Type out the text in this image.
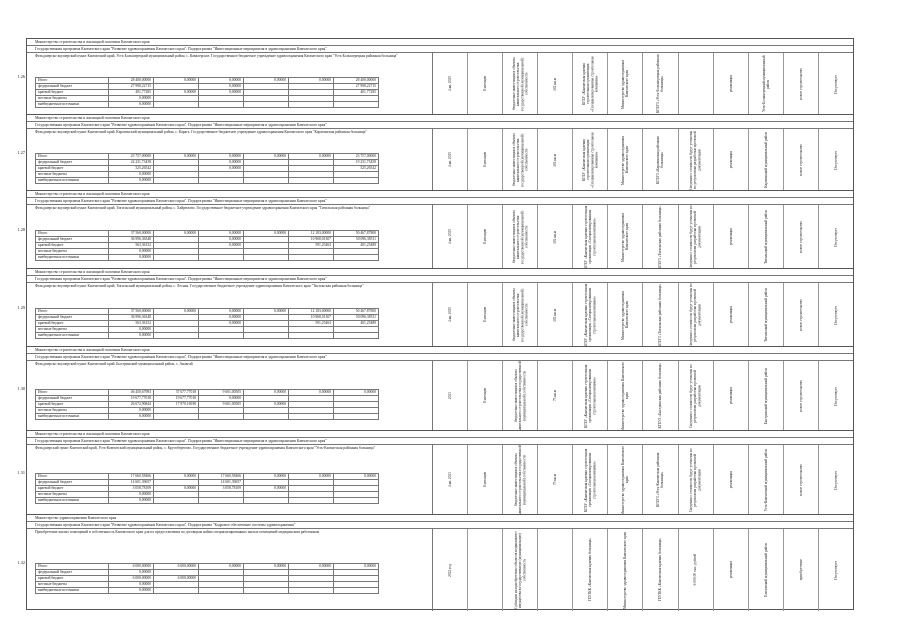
1.26
Министерство строительства и жилищной политики Камчатского края
Государственная программа Камчатского края "Развитие здравоохранения Камчатского края". Подпрограмма "Инвестиционные мероприятия в здравоохранении Камчатского края"
Фельдшерско-акушерский пункт Камчатский край, Усть-Большерецкий муниципальный район, с. Кавалерское. Государственное бюджетное учреждение здравоохранения Камчатского края "Усть-Большерецкая районная больница"
Итого	28 400,00000	0,00000	0,00000	0,00000	0,00000	28 400,00000
федеральный бюджет	27 998,22715		0,00000			27 998,22715
краевой бюджет	401,77285	0,00000	0,00000			401,77285
местные бюджеты	0,00000					
внебюджетные источники	0,00000					
4 кв. 2025	8 месяцев	бюджетные инвестиции в объекты капитального строительства государственной (муниципальной) собственности	102 кв.м	КГБУ «Камчатская краевая строительная организация «Специализированная строительная компания»	Министерство здравоохранения Камчатского края	КГБУЗ «Усть-Большерецкая районная больница»	реализация	Усть-Большерецкий муниципальный район	новое строительство	Отсутствует
1.27
Министерство строительства и жилищной политики Камчатского края
Государственная программа Камчатского края "Развитие здравоохранения Камчатского края". Подпрограмма "Инвестиционные мероприятия в здравоохранении Камчатского края"
Фельдшерско-акушерский пункт Камчатский край, Карагинский муниципальный район, с. Карага. Государственное бюджетное учреждение здравоохранения Камчатского края "Карагинская районная больница"
Итого	23 757,00000	0,00000	0,00000	0,00000	0,00000	23 757,00000
федеральный бюджет	24 231,73458		0,00000			19 231,73458
краевой бюджет	525,26542		0,00000			525,26542
местные бюджеты	0,00000					
внебюджетные источники	0,00000					
4 кв. 2025	8 месяцев	бюджетные инвестиции в объекты капитального строительства государственной (муниципальной) собственности	102 кв.м	КГБУ «Камчатская краевая строительная организация «Специализированная строительная компания»	Министерство здравоохранения Камчатского края	КГБУЗ «Карагинская районная больница»	Сведения о стоимости будут уточнены по результатам разработки проектной документации	реализация	Карагинский муниципальный район	новое строительство	Отсутствует
1.28
Министерство строительства и жилищной политики Камчатского края
Государственная программа Камчатского края "Развитие здравоохранения Камчатского края". Подпрограмма "Инвестиционные мероприятия в здравоохранении Камчатского края"
Фельдшерско-акушерский пункт Камчатский край, Тигильский муниципальный район, с. Хайрюзово. Государственное бюджетное учреждение здравоохранения Камчатского края "Тигильская районная больница"
Итого	37 560,00000	0,00000	0,00000	0,00000	12 183,00000	50 467,87800
федеральный бюджет	36 996,36348		0,00000		10 968,01307	50 096,38511
краевой бюджет	563,36152		0,00000		591,25463	401,25489
местные бюджеты	0,00000					
внебюджетные источники	0,00000					
4 кв. 2025	8 месяцев	бюджетные инвестиции в объекты капитального строительства государственной (муниципальной) собственности	102 кв.м	КГБУ «Камчатская краевая строительная организация «Специализированная строительная компания»	Министерство здравоохранения Камчатского края	КГБУЗ «Тигильская районная больница»	Сведения о стоимости будут уточнены по результатам разработки проектной документации	реализация	Тигильский муниципальный район	новое строительство	Отсутствует
1.29
Министерство строительства и жилищной политики Камчатского края
Государственная программа Камчатского края "Развитие здравоохранения Камчатского края". Подпрограмма "Инвестиционные мероприятия в здравоохранении Камчатского края"
Фельдшерско-акушерский пункт Камчатский край, Тигильский муниципальный район, с. Лесная. Государственное бюджетное учреждение здравоохранения Камчатского края "Тигильская районная больница"
Итого	37 560,00000	0,00000	0,00000	0,00000	12 183,00000	50 467,87800
федеральный бюджет	36 996,36348		0,00000		10 968,01307	50 096,38511
краевой бюджет	563,36152		0,00000		591,25463	401,25489
местные бюджеты	0,00000					
внебюджетные источники	0,00000					
4 кв. 2025	8 месяцев	бюджетные инвестиции в объекты капитального строительства государственной (муниципальной) собственности	102 кв.м	КГБУ «Камчатская краевая строительная организация «Специализированная строительная компания»	Министерство здравоохранения Камчатского края	КГБУЗ «Тигильская районная больница»	Сведения о стоимости будут уточнены по результатам разработки проектной документации	реализация	Тигильский муниципальный район	новое строительство	Отсутствует
1.30
Министерство строительства и жилищной политики Камчатского края
Государственная программа Камчатского края "Развитие здравоохранения Камчатского края". Подпрограмма "Инвестиционные мероприятия в здравоохранении Камчатского края"
Фельдшерско-акушерский пункт Камчатский край, Быстринский муниципальный район, с. Анавгай
Итого	46 450,67983	37 677,77018	9 601,00505	0,00000	0,00000	0,00000
федеральный бюджет	19 677,77018	19 677,77018	0,00000			
краевой бюджет	26 672,90844	17 970,16938	9 601,00505	0,00000		
местные бюджеты	0,00000					
внебюджетные источники	0,00000					
2023	8 месяцев	бюджетные инвестиции в объекты капитального строительства государственной (муниципальной) собственности	75 кв.м	КГБУ «Камчатская краевая строительная организация «Специализированная строительная компания»	Министерство здравоохранения Камчатского края	КГБУЗ «Быстринская районная больница»	Сведения о стоимости будут уточнены по результатам разработки проектной документации	реализация	Быстринский муниципальный район	новое строительство	Отсутствует
1.31
Министерство строительства и жилищной политики Камчатского края
Государственная программа Камчатского края "Развитие здравоохранения Камчатского края". Подпрограмма "Инвестиционные мероприятия в здравоохранении Камчатского края"
Фельдшерский пункт Камчатский край, Усть-Камчатский муниципальный район, с. Крутоберегово. Государственное бюджетное учреждение здравоохранения Камчатского края "Усть-Камчатская районная больница"
Итого	17 660,58466	0,00000	17 660,58466	0,00000	0,00000	0,00000
федеральный бюджет	14 601,39657		14 601,39657			
краевой бюджет	3 058,78109	0,00000	3 058,78109	0,00000		
местные бюджеты	0,00000					
внебюджетные источники	0,00000					
4 кв. 2023	8 месяцев	бюджетные инвестиции в объекты капитального строительства государственной (муниципальной) собственности	75 кв.м	КГБУ «Камчатская краевая строительная организация «Специализированная строительная компания»	Министерство здравоохранения Камчатского края	КГБУЗ «Усть-Камчатская районная больница»	Сведения о стоимости будут уточнены по результатам разработки проектной документации	реализация	Усть-Камчатский муниципальный район	новое строительство	Отсутствует
1.32
Министерство здравоохранения Камчатского края
Государственная программа Камчатского края "Развитие здравоохранения Камчатского края". Подпрограмма "Кадровое обеспечение системы здравоохранения"
Приобретение жилых помещений в собственность Камчатского края для их предоставления по договорам найма специализированных жилых помещений медицинским работникам
Итого	6 000,00000	6 000,00000	0,00000	0,00000	0,00000	0,00000
федеральный бюджет	0,00000					
краевой бюджет	6 000,00000	6 000,00000				
местные бюджеты	0,00000					
внебюджетные источники	0,00000					
2022 год	Субсидии на приобретение объектов недвижимого имущества в государственную (муниципальную) собственность	ГБУЗКК «Камчатская краевая больница»	Министерство здравоохранения Камчатского края	ГБУЗКК «Камчатская краевая больница»	6 000,00 тыс. рублей	реализация	Елизовский муниципальный район	приобретение	Отсутствует
